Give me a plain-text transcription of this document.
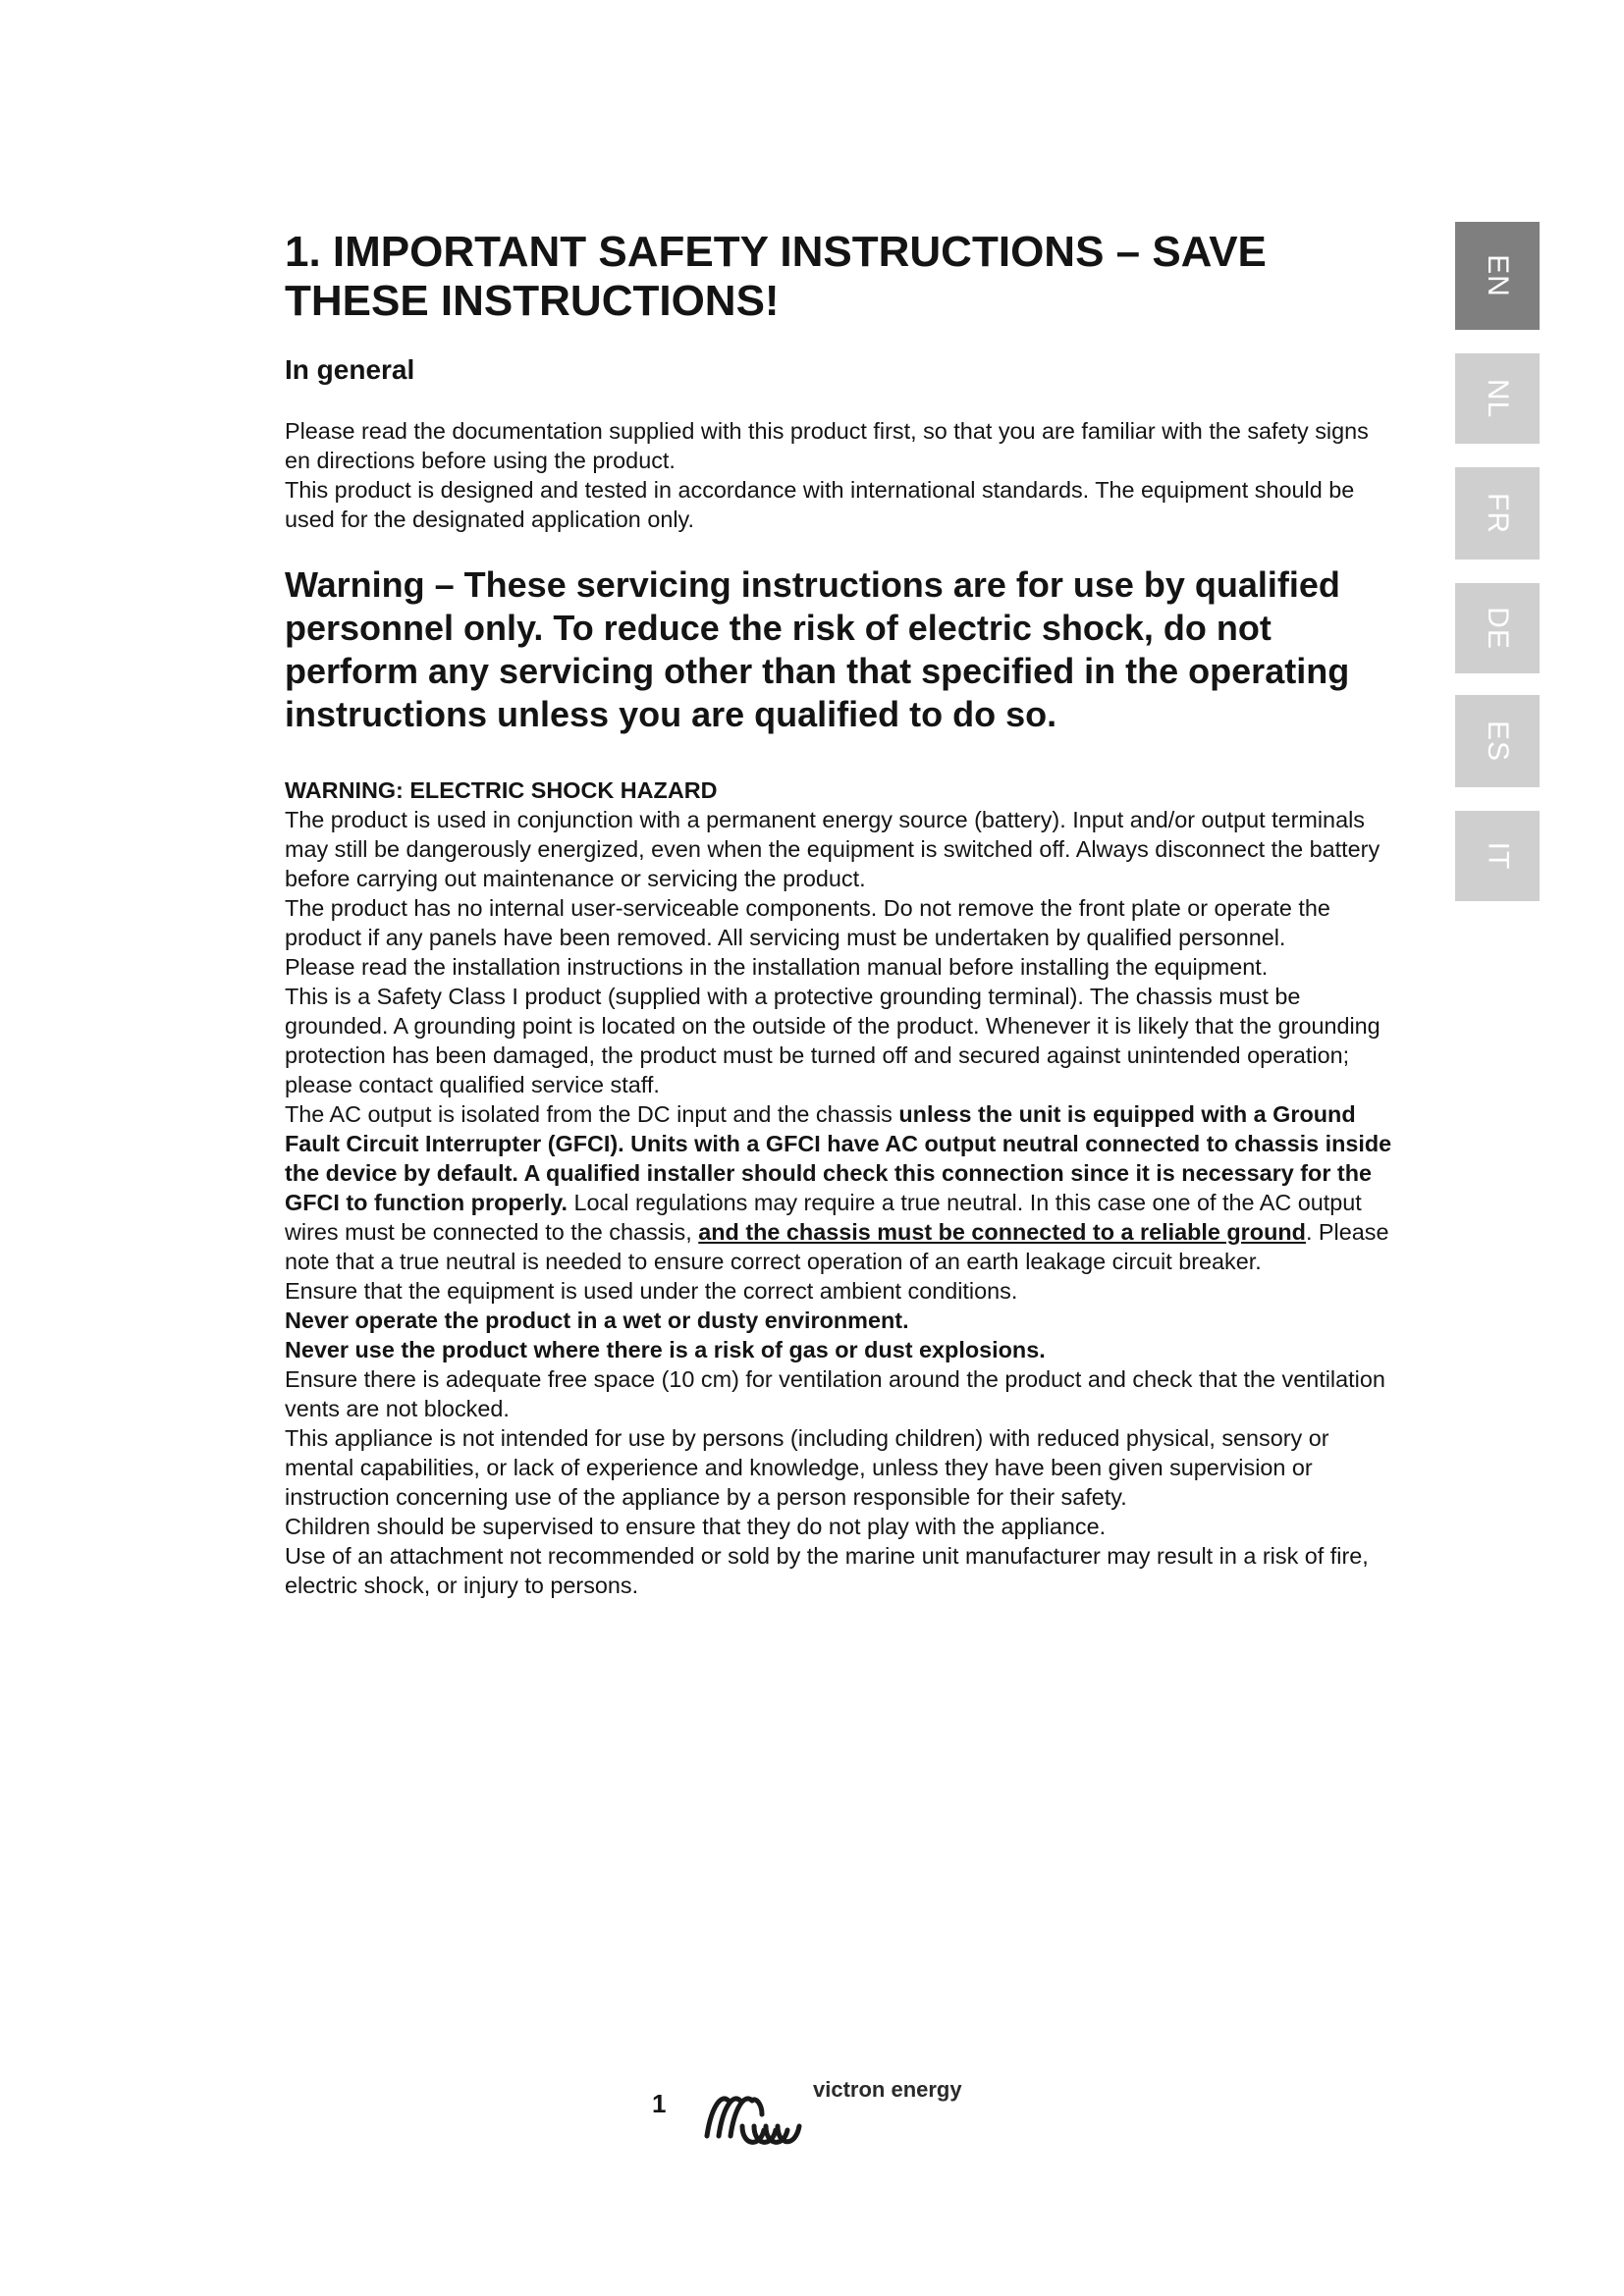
1. IMPORTANT SAFETY INSTRUCTIONS – SAVE
THESE INSTRUCTIONS!
In general

Please read the documentation supplied with this product first, so that you are familiar with the safety signs en directions before using the product.

This product is designed and tested in accordance with international standards. The equipment should be used for the designated application only.

Warning – These servicing instructions are for use by qualified personnel only. To reduce the risk of electric shock, do not perform any servicing other than that specified in the operating instructions unless you are qualified to do so.

WARNING: ELECTRIC SHOCK HAZARD

The product is used in conjunction with a permanent energy source (battery). Input and/or output terminals may still be dangerously energized, even when the equipment is switched off. Always disconnect the battery before carrying out maintenance or servicing the product.

The product has no internal user-serviceable components. Do not remove the front plate or operate the product if any panels have been removed. All servicing must be undertaken by qualified personnel.

Please read the installation instructions in the installation manual before installing the equipment.

This is a Safety Class I product (supplied with a protective grounding terminal). The chassis must be grounded. A grounding point is located on the outside of the product. Whenever it is likely that the grounding protection has been damaged, the product must be turned off and secured against unintended operation; please contact qualified service staff.

The AC output is isolated from the DC input and the chassis unless the unit is equipped with a Ground Fault Circuit Interrupter (GFCI). Units with a GFCI have AC output neutral connected to chassis inside the device by default. A qualified installer should check this connection since it is necessary for the GFCI to function properly. Local regulations may require a true neutral. In this case one of the AC output wires must be connected to the chassis, and the chassis must be connected to a reliable ground. Please note that a true neutral is needed to ensure correct operation of an earth leakage circuit breaker.

Ensure that the equipment is used under the correct ambient conditions.

Never operate the product in a wet or dusty environment.

Never use the product where there is a risk of gas or dust explosions.

Ensure there is adequate free space (10 cm) for ventilation around the product and check that the ventilation vents are not blocked.

This appliance is not intended for use by persons (including children) with reduced physical, sensory or mental capabilities, or lack of experience and knowledge, unless they have been given supervision or instruction concerning use of the appliance by a person responsible for their safety.

Children should be supervised to ensure that they do not play with the appliance.

Use of an attachment not recommended or sold by the marine unit manufacturer may result in a risk of fire, electric shock, or injury to persons.

EN
NL
FR
DE
ES
IT
1	victron energy
